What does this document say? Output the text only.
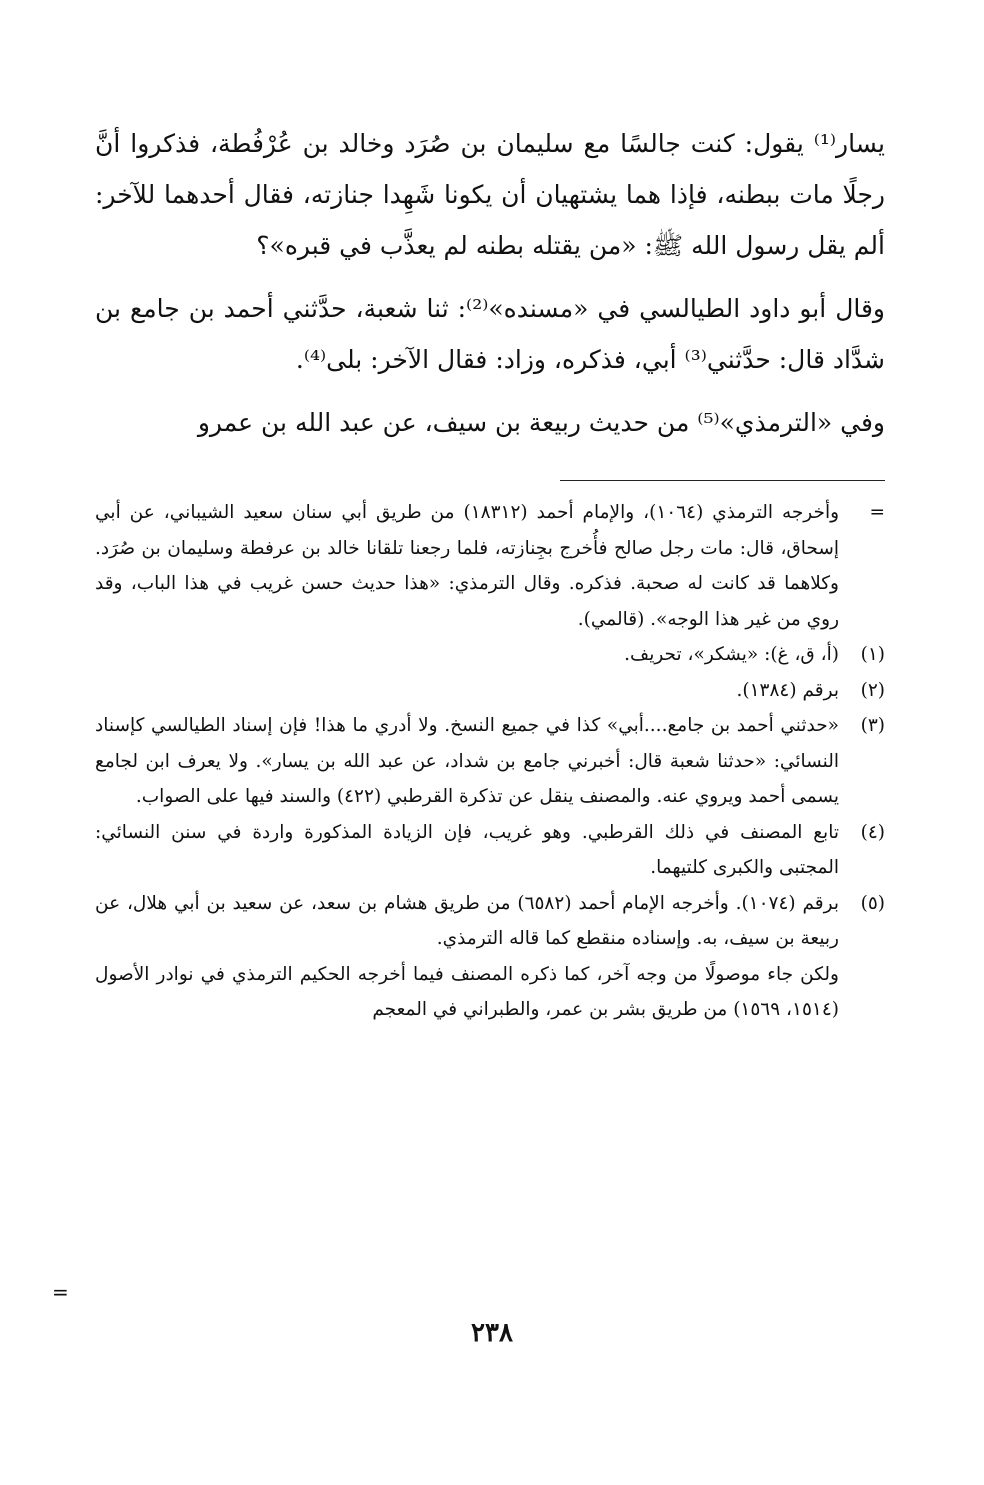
يسار⁽¹⁾ يقول: كنت جالسًا مع سليمان بن صُرَد وخالد بن عُرْفُطة، فذكروا أنَّ رجلًا مات ببطنه، فإذا هما يشتهيان أن يكونا شَهِدا جنازته، فقال أحدهما للآخر: ألم يقل رسول الله ﷺ: «من يقتله بطنه لم يعذَّب في قبره»؟

وقال أبو داود الطيالسي في «مسنده»⁽²⁾: ثنا شعبة، حدَّثني أحمد بن جامع بن شدَّاد قال: حدَّثني⁽³⁾ أبي، فذكره، وزاد: فقال الآخر: بلى⁽⁴⁾.

وفي «الترمذي»⁽⁵⁾ من حديث ربيعة بن سيف، عن عبد الله بن عمرو

=
وأخرجه الترمذي (١٠٦٤)، والإمام أحمد (١٨٣١٢) من طريق أبي سنان سعيد الشيباني، عن أبي إسحاق، قال: مات رجل صالح فأُخرج بجِنازته، فلما رجعنا تلقانا خالد بن عرفطة وسليمان بن صُرَد. وكلاهما قد كانت له صحبة. فذكره. وقال الترمذي: «هذا حديث حسن غريب في هذا الباب، وقد روي من غير هذا الوجه». (قالمي).
(١)
(أ، ق، غ): «يشكر»، تحريف.
(٢)
برقم (١٣٨٤).
(٣)
«حدثني أحمد بن جامع....أبي» كذا في جميع النسخ. ولا أدري ما هذا! فإن إسناد الطيالسي كإسناد النسائي: «حدثنا شعبة قال: أخبرني جامع بن شداد، عن عبد الله بن يسار». ولا يعرف ابن لجامع يسمى أحمد ويروي عنه. والمصنف ينقل عن تذكرة القرطبي (٤٢٢) والسند فيها على الصواب.
(٤)
تابع المصنف في ذلك القرطبي. وهو غريب، فإن الزيادة المذكورة واردة في سنن النسائي: المجتبى والكبرى كلتيهما.
(٥)
برقم (١٠٧٤). وأخرجه الإمام أحمد (٦٥٨٢) من طريق هشام بن سعد، عن سعيد بن أبي هلال، عن ربيعة بن سيف، به. وإسناده منقطع كما قاله الترمذي.
ولكن جاء موصولًا من وجه آخر، كما ذكره المصنف فيما أخرجه الحكيم الترمذي في نوادر الأصول (١٥١٤، ١٥٦٩) من طريق بشر بن عمر، والطبراني في المعجم
=
٢٣٨
